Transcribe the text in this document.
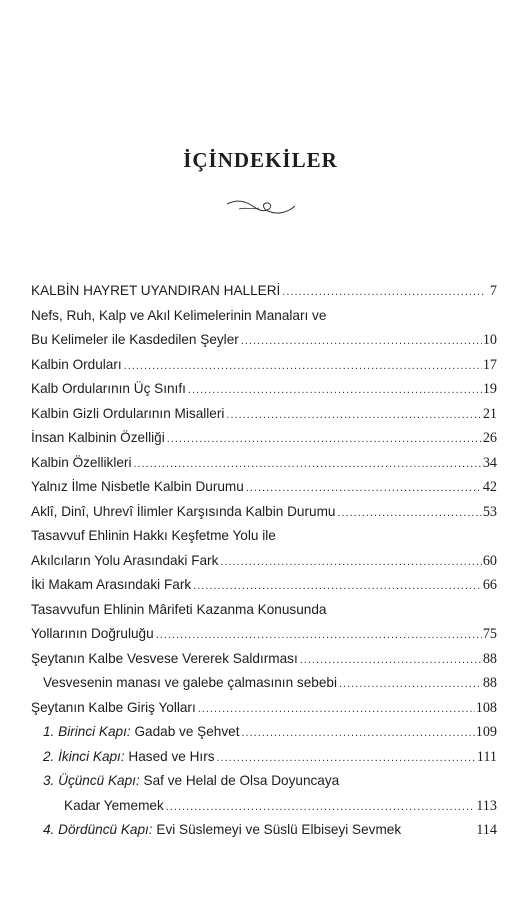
İÇİNDEKİLER
KALBİN HAYRET UYANDIRAN HALLERİ .....	7
Nefs, Ruh, Kalp ve Akıl Kelimelerinin Manaları ve
Bu Kelimeler ile Kasdedilen Şeyler .....	10
Kalbin Orduları .....	17
Kalb Ordularının Üç Sınıfı .....	19
Kalbin Gizli Ordularının Misalleri .....	21
İnsan Kalbinin Özelliği .....	26
Kalbin Özellikleri .....	34
Yalnız İlme Nisbetle Kalbin Durumu .....	42
Aklî, Dinî, Uhrevî İlimler Karşısında Kalbin Durumu .....	53
Tasavvuf Ehlinin Hakkı Keşfetme Yolu ile
Akılcıların Yolu Arasındaki Fark .....	60
İki Makam Arasındaki Fark .....	66
Tasavvufun Ehlinin Mârifeti Kazanma Konusunda
Yollarının Doğruluğu .....	75
Şeytanın Kalbe Vesvese Vererek Saldırması .....	88
Vesvesenin manası ve galebe çalmasının sebebi .....	88
Şeytanın Kalbe Giriş Yolları .....	108
1. Birinci Kapı: Gadab ve Şehvet .....	109
2. İkinci Kapı: Hased ve Hırs .....	111
3. Üçüncü Kapı: Saf ve Helal de Olsa Doyuncaya
Kadar Yememek .....	113
4. Dördüncü Kapı: Evi Süslemeyi ve Süslü Elbiseyi Sevmek	114
